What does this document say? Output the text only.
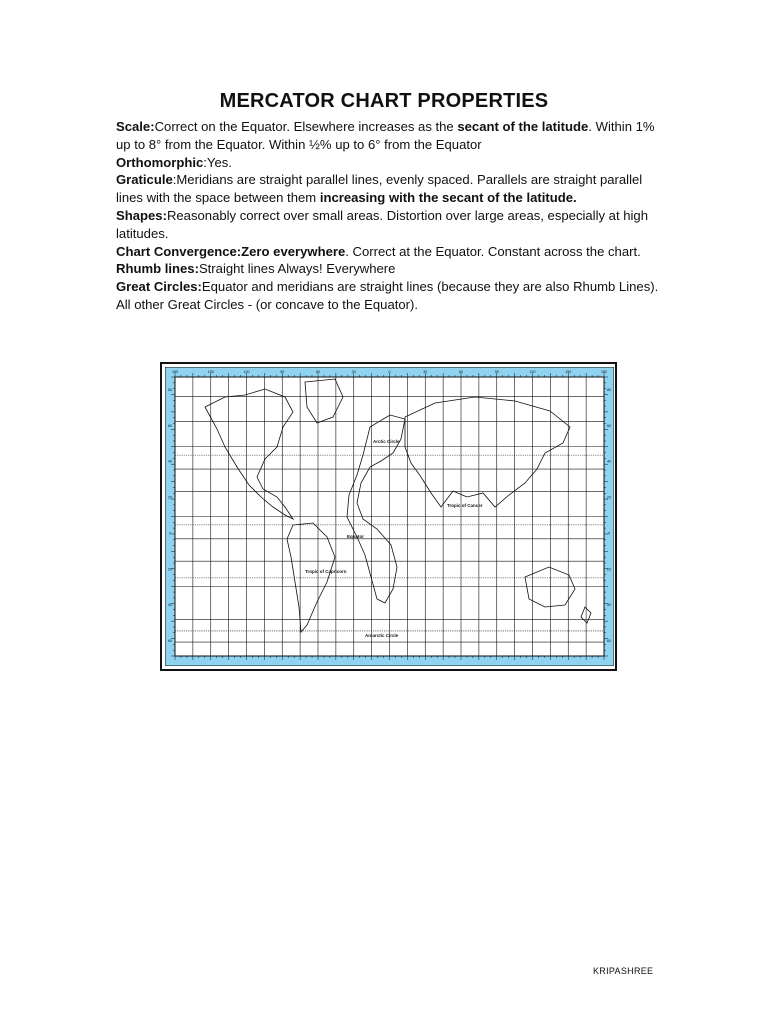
MERCATOR CHART PROPERTIES

Scale:Correct on the Equator. Elsewhere increases as the secant of the latitude. Within 1% up to 8° from the Equator. Within ½% up to 6° from the Equator

Orthomorphic:Yes.

Graticule:Meridians are straight parallel lines, evenly spaced. Parallels are straight parallel lines with the space between them increasing with the secant of the latitude.

Shapes:Reasonably correct over small areas. Distortion over large areas, especially at high latitudes.

Chart Convergence:Zero everywhere. Correct at the Equator. Constant across the chart.

Rhumb lines:Straight lines Always! Everywhere

Great Circles:Equator and meridians are straight lines (because they are also Rhumb Lines). All other Great Circles - (or concave to the Equator).

180	150	120	90	60	30	0	30	60	90	120	150	180
80	80
60	60
40	40
20	20
0	0
20	20
40	40
60	60
Arctic Circle
Tropic of Cancer
Equator
Tropic of Capricorn
Antarctic Circle
KRIPASHREE
